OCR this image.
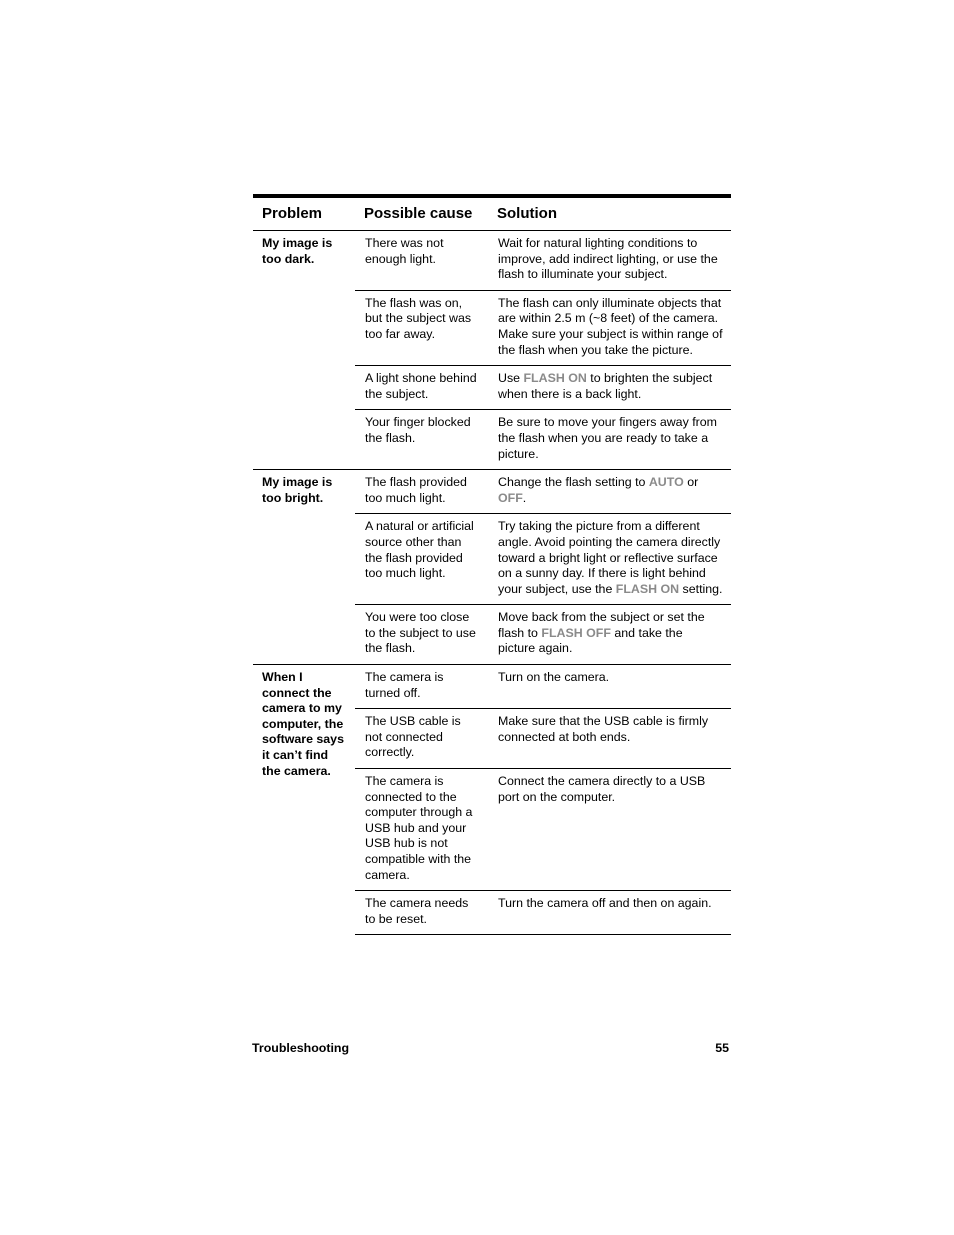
Problem	Possible cause	Solution
My image is too dark.	There was not enough light.	Wait for natural lighting conditions to improve, add indirect lighting, or use the flash to illuminate your subject.
	The flash was on, but the subject was too far away.	The flash can only illuminate objects that are within 2.5 m (~8 feet) of the camera. Make sure your subject is within range of the flash when you take the picture.
	A light shone behind the subject.	Use FLASH ON to brighten the subject when there is a back light.
	Your finger blocked the flash.	Be sure to move your fingers away from the flash when you are ready to take a picture.
My image is too bright.	The flash provided too much light.	Change the flash setting to AUTO or OFF.
	A natural or artificial source other than the flash provided too much light.	Try taking the picture from a different angle. Avoid pointing the camera directly toward a bright light or reflective surface on a sunny day. If there is light behind your subject, use the FLASH ON setting.
	You were too close to the subject to use the flash.	Move back from the subject or set the flash to FLASH OFF and take the picture again.
When I connect the camera to my computer, the software says it can’t find the camera.	The camera is turned off.	Turn on the camera.
	The USB cable is not connected correctly.	Make sure that the USB cable is firmly connected at both ends.
	The camera is connected to the computer through a USB hub and your USB hub is not compatible with the camera.	Connect the camera directly to a USB port on the computer.
	The camera needs to be reset.	Turn the camera off and then on again.
Troubleshooting	55
